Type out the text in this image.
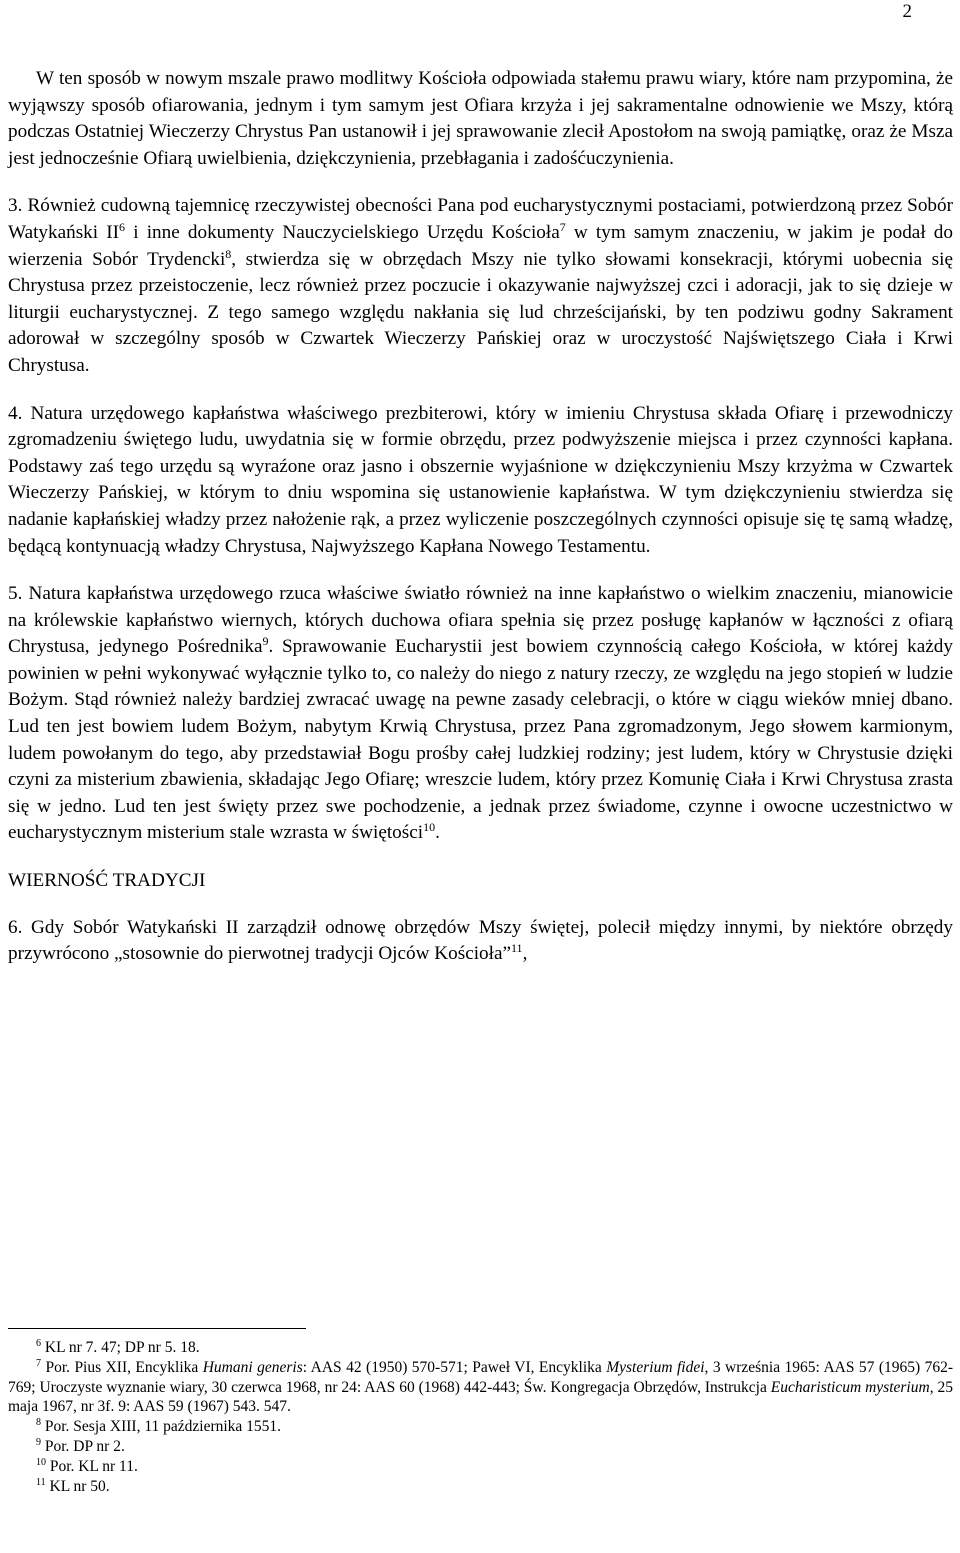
2

W ten sposób w nowym mszale prawo modlitwy Kościoła odpowiada stałemu prawu wiary, które nam przypomina, że wyjąwszy sposób ofiarowania, jednym i tym samym jest Ofiara krzyża i jej sakramentalne odnowienie we Mszy, którą podczas Ostatniej Wieczerzy Chrystus Pan ustanowił i jej sprawowanie zlecił Apostołom na swoją pamiątkę, oraz że Msza jest jednocześnie Ofiarą uwielbienia, dziękczynienia, przebłagania i zadośćuczynienia.

3. Również cudowną tajemnicę rzeczywistej obecności Pana pod eucharystycznymi postaciami, potwierdzoną przez Sobór Watykański $II^6$ i inne dokumenty Nauczycielskiego Urzędu Kościoła$^7$ w tym samym znaczeniu, w jakim je podał do wierzenia Sobór Trydencki$^8$, stwierdza się w obrzędach Mszy nie tylko słowami konsekracji, którymi uobecnia się Chrystusa przez przeistoczenie, lecz również przez poczucie i okazywanie najwyższej czci i adoracji, jak to się dzieje w liturgii eucharystycznej. Z tego samego względu nakłania się lud chrześcijański, by ten podziwu godny Sakrament adorował w szczególny sposób w Czwartek Wieczerzy Pańskiej oraz w uroczystość Najświętszego Ciała i Krwi Chrystusa.

4. Natura urzędowego kapłaństwa właściwego prezbiterowi, który w imieniu Chrystusa składa Ofiarę i przewodniczy zgromadzeniu świętego ludu, uwydatnia się w formie obrzędu, przez podwyższenie miejsca i przez czynności kapłana. Podstawy zaś tego urzędu są wyraźone oraz jasno i obszernie wyjaśnione w dziękczynieniu Mszy krzyżma w Czwartek Wieczerzy Pańskiej, w którym to dniu wspomina się ustanowienie kapłaństwa. W tym dziękczynieniu stwierdza się nadanie kapłańskiej władzy przez nałożenie rąk, a przez wyliczenie poszczególnych czynności opisuje się tę samą władzę, będącą kontynuacją władzy Chrystusa, Najwyższego Kapłana Nowego Testamentu.

5. Natura kapłaństwa urzędowego rzuca właściwe światło również na inne kapłaństwo o wielkim znaczeniu, mianowicie na królewskie kapłaństwo wiernych, których duchowa ofiara spełnia się przez posługę kapłanów w łączności z ofiarą Chrystusa, jedynego Pośrednika$^9$. Sprawowanie Eucharystii jest bowiem czynnością całego Kościoła, w której każdy powinien w pełni wykonywać wyłącznie tylko to, co należy do niego z natury rzeczy, ze względu na jego stopień w ludzie Bożym. Stąd również należy bardziej zwracać uwagę na pewne zasady celebracji, o które w ciągu wieków mniej dbano. Lud ten jest bowiem ludem Bożym, nabytym Krwią Chrystusa, przez Pana zgromadzonym, Jego słowem karmionym, ludem powołanym do tego, aby przedstawiał Bogu prośby całej ludzkiej rodziny; jest ludem, który w Chrystusie dzięki czyni za misterium zbawienia, składając Jego Ofiarę; wreszcie ludem, który przez Komunię Ciała i Krwi Chrystusa zrasta się w jedno. Lud ten jest święty przez swe pochodzenie, a jednak przez świadome, czynne i owocne uczestnictwo w eucharystycznym misterium stale wzrasta w świętości$^{10}$.

WIERNOŚĆ TRADYCJI

6. Gdy Sobór Watykański II zarządził odnowę obrzędów Mszy świętej, polecił między innymi, by niektóre obrzędy przywrócono „stosownie do pierwotnej tradycji Ojców Kościoła”$^{11}$,

$^6$ KL nr 7. 47; DP nr 5. 18.

$^7$ Por. Pius XII, Encyklika Humani generis: AAS 42 (1950) 570-571; Paweł VI, Encyklika Mysterium fidei, 3 września 1965: AAS 57 (1965) 762-769; Uroczyste wyznanie wiary, 30 czerwca 1968, nr 24: AAS 60 (1968) 442-443; Św. Kongregacja Obrzędów, Instrukcja Eucharisticum mysterium, 25 maja 1967, nr 3f. 9: AAS 59 (1967) 543. 547.

$^8$ Por. Sesja XIII, 11 października 1551.

$^9$ Por. DP nr 2.

$^{10}$ Por. KL nr 11.

$^{11}$ KL nr 50.
